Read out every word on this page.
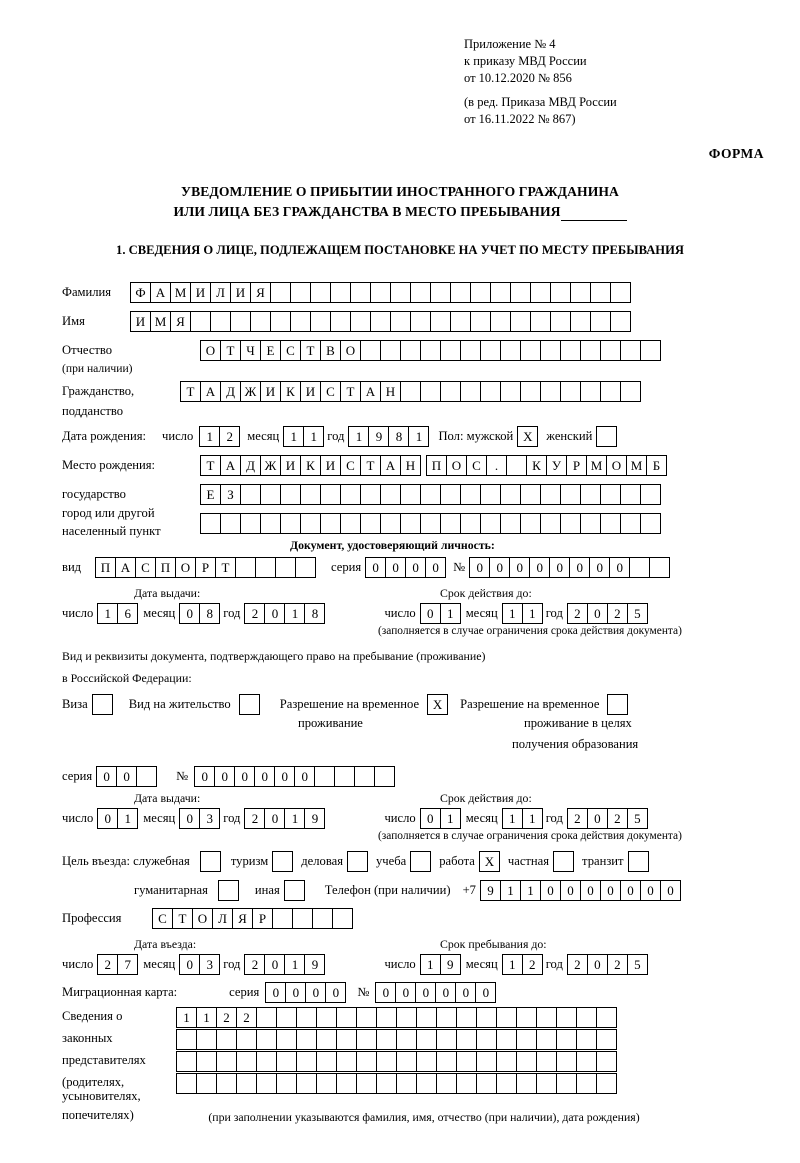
Приложение № 4
к приказу МВД России
от 10.12.2020 № 856
(в ред. Приказа МВД России
от 16.11.2022 № 867)
ФОРМА
УВЕДОМЛЕНИЕ О ПРИБЫТИИ ИНОСТРАННОГО ГРАЖДАНИНА
ИЛИ ЛИЦА БЕЗ ГРАЖДАНСТВА В МЕСТО ПРЕБЫВАНИЯ
1. СВЕДЕНИЯ О ЛИЦЕ, ПОДЛЕЖАЩЕМ ПОСТАНОВКЕ НА УЧЕТ ПО МЕСТУ ПРЕБЫВАНИЯ
Фамилия	Ф А М И Л И Я
Имя	И М Я
Отчество	О Т Ч Е С Т В О
(при наличии)
Гражданство,	Т А Д Ж И К И С Т А Н
подданство
Дата рождения: число	1	2	месяц 1	1 год 1	9	8	1	Пол: мужской X	женский
Место рождения:	Т А Д Ж И К И С Т А Н	П О С	.
	К У Р М О М Б
государство	Е З
город или другой

населенный пункт
Документ, удостоверяющий личность:
вид	П А С П О Р Т	серия 0	0	0	0	№ 0	0	0	0	0	0	0	0
Дата выдачи:	Срок действия до:
число 1	6 месяц 0	8 год 2	0	1	8	число 0	1 месяц 1	1 год 2	0	2	5
(заполняется в случае ограничения срока действия документа)
Вид и реквизиты документа, подтверждающего право на пребывание (проживание)
в Российской Федерации:
Виза	Вид на жительство	Разрешение на временное	X	Разрешение на временное
проживание	проживание в целях
получения образования
серия 0	0	№	0	0	0	0	0	0
Дата выдачи:	Срок действия до:
число 0	1 месяц 0	3 год 2	0	1	9	число 0	1 месяц 1	1 год 2	0	2	5
(заполняется в случае ограничения срока действия документа)
Цель въезда: служебная	туризм	деловая	учеба	работа X	частная	транзит
гуманитарная	иная	Телефон (при наличии) +7 9	1	1	0	0	0	0	0	0	0
Профессия	С Т О Л Я Р
Дата въезда:	Срок пребывания до:
число 2	7 месяц 0	3 год 2	0	1	9	число 1	9 месяц 1	2 год 2	0	2	5
Миграционная карта:	серия	0	0	0	0	№	0	0	0	0	0	0
Сведения о
законных
представителях
(родителях,
усыновителях,
попечителях)
1	1	2	2
(при заполнении указываются фамилия, имя, отчество (при наличии), дата рождения)
